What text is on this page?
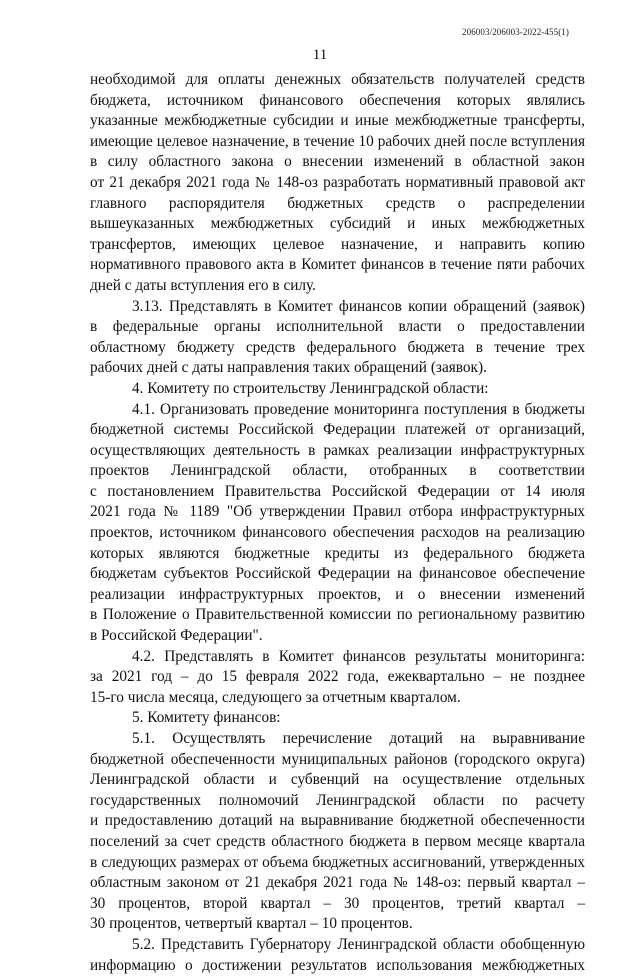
206003/206003-2022-455(1)
11
необходимой для оплаты денежных обязательств получателей средств
бюджета, источником финансового обеспечения которых являлись
указанные межбюджетные субсидии и иные межбюджетные трансферты,
имеющие целевое назначение, в течение 10 рабочих дней после вступления
в силу областного закона о внесении изменений в областной закон
от 21 декабря 2021 года № 148-оз разработать нормативный правовой акт
главного распорядителя бюджетных средств о распределении
вышеуказанных межбюджетных субсидий и иных межбюджетных
трансфертов, имеющих целевое назначение, и направить копию
нормативного правового акта в Комитет финансов в течение пяти рабочих
дней с даты вступления его в силу.
3.13. Представлять в Комитет финансов копии обращений (заявок)
в федеральные органы исполнительной власти о предоставлении
областному бюджету средств федерального бюджета в течение трех
рабочих дней с даты направления таких обращений (заявок).
4. Комитету по строительству Ленинградской области:
4.1. Организовать проведение мониторинга поступления в бюджеты
бюджетной системы Российской Федерации платежей от организаций,
осуществляющих деятельность в рамках реализации инфраструктурных
проектов Ленинградской области, отобранных в соответствии
с постановлением Правительства Российской Федерации от 14 июля
2021 года № 1189 "Об утверждении Правил отбора инфраструктурных
проектов, источником финансового обеспечения расходов на реализацию
которых являются бюджетные кредиты из федерального бюджета
бюджетам субъектов Российской Федерации на финансовое обеспечение
реализации инфраструктурных проектов, и о внесении изменений
в Положение о Правительственной комиссии по региональному развитию
в Российской Федерации".
4.2. Представлять в Комитет финансов результаты мониторинга:
за 2021 год – до 15 февраля 2022 года, ежеквартально – не позднее
15-го числа месяца, следующего за отчетным кварталом.
5. Комитету финансов:
5.1. Осуществлять перечисление дотаций на выравнивание
бюджетной обеспеченности муниципальных районов (городского округа)
Ленинградской области и субвенций на осуществление отдельных
государственных полномочий Ленинградской области по расчету
и предоставлению дотаций на выравнивание бюджетной обеспеченности
поселений за счет средств областного бюджета в первом месяце квартала
в следующих размерах от объема бюджетных ассигнований, утвержденных
областным законом от 21 декабря 2021 года № 148-оз: первый квартал –
30 процентов, второй квартал – 30 процентов, третий квартал –
30 процентов, четвертый квартал – 10 процентов.
5.2. Представить Губернатору Ленинградской области обобщенную
информацию о достижении результатов использования межбюджетных
